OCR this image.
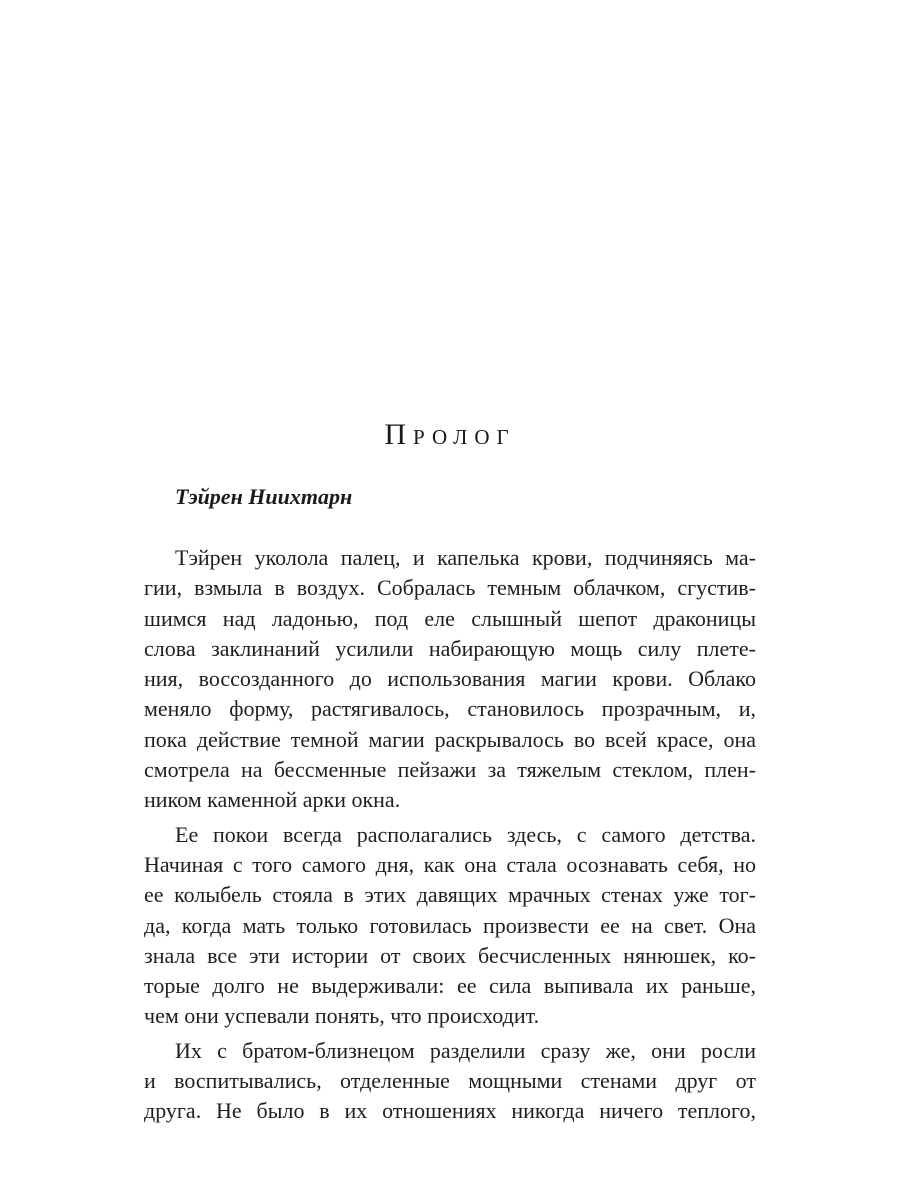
Пролог
Тэйрен Ниихтарн
Тэйрен уколола палец, и капелька крови, подчиняясь ма-
гии, взмыла в воздух. Собралась темным облачком, сгустив-
шимся над ладонью, под еле слышный шепот драконицы
слова заклинаний усилили набирающую мощь силу плете-
ния, воссозданного до использования магии крови. Облако
меняло форму, растягивалось, становилось прозрачным, и,
пока действие темной магии раскрывалось во всей красе, она
смотрела на бессменные пейзажи за тяжелым стеклом, плен-
ником каменной арки окна.
Ее покои всегда располагались здесь, с самого детства.
Начиная с того самого дня, как она стала осознавать себя, но
ее колыбель стояла в этих давящих мрачных стенах уже тог-
да, когда мать только готовилась произвести ее на свет. Она
знала все эти истории от своих бесчисленных нянюшек, ко-
торые долго не выдерживали: ее сила выпивала их раньше,
чем они успевали понять, что происходит.
Их с братом-близнецом разделили сразу же, они росли
и воспитывались, отделенные мощными стенами друг от
друга. Не было в их отношениях никогда ничего теплого,
